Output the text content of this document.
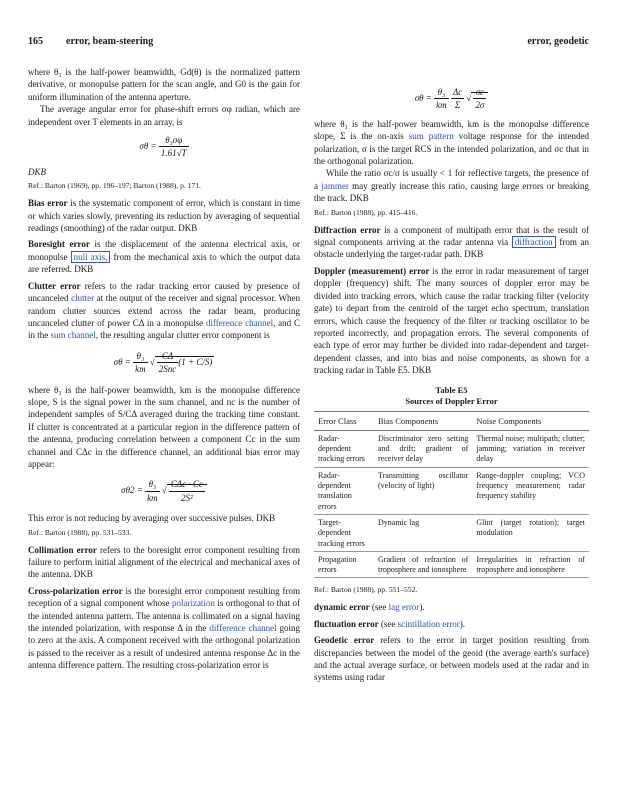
165 error, beam-steering	error, geodetic

where θ₃ is the half-power beamwidth, Gd(θ) is the normalized pattern derivative, or monopulse pattern for the scan angle, and G0 is the gain for uniform illumination of the antenna aperture.

The average angular error for phase-shift errors σφ radian, which are independent over T elements in an array, is

$\sigma\theta = \frac{\text{θ₃σφ}}{1.61√T}$

DKB

Ref.: Barton (1969), pp. 196–197; Barton (1988), p. 171.

Bias error is the systematic component of error, which is constant in time or which varies slowly, preventing its reduction by averaging of sequential readings (smoothing) of the radar output. DKB

Boresight error is the displacement of the antenna electrical axis, or monopulse null axis, from the mechanical axis to which the output data are referred. DKB

Clutter error refers to the radar tracking error caused by presence of uncanceled clutter at the output of the receiver and signal processor. When random clutter sources extend across the radar beam, producing uncanceled clutter of power CΔ in a monopulse difference channel, and C in the sum channel, the resulting angular clutter error component is

$\sigma\theta = \frac{\text{θ₃}}{km}$ √ $\frac{C\Delta}{\text{2Snc}} (1 + C/S)$

where θ₃ is the half-power beamwidth, km is the monopulse difference slope, S is the signal power in the sum channel, and nc is the number of independent samples of S/CΔ averaged during the tracking time constant. If clutter is concentrated at a particular region in the difference pattern of the antenna, producing correlation between a component Cc in the sum channel and CΔc in the difference channel, an additional bias error may appear:

$\sigma\theta 2 = \frac{\text{θ₃}}{km}$ √ $\frac{\text{CΔc · Cc}}{\text{2S²}}$

This error is not reducing by averaging over successive pulses. DKB

Ref.: Barton (1988), pp. 531–533.

Collimation error refers to the boresight error component resulting from failure to perform initial alignment of the electrical and mechanical axes of the antenna. DKB

Cross-polarization error is the boresight error component resulting from reception of a signal component whose polarization is orthogonal to that of the intended antenna pattern. The antenna is collimated on a signal having the intended polarization, with response Δ in the difference channel going to zero at the axis. A component received with the orthogonal polarization is passed to the receiver as a result of undesired antenna response Δc in the antenna difference pattern. The resulting cross-polarization error is

$\sigma\theta = \frac{\text{θ₃}}{km}$
$\frac{\Delta c}{\Sigma}$ √ $\frac{\sigma c}{2\sigma}$

where θ₃ is the half-power beamwidth, km is the monopulse difference slope, Σ is the on-axis sum pattern voltage response for the intended polarization, σ is the target RCS in the intended polarization, and σc that in the orthogonal polarization.

While the ratio σc/σ is usually < 1 for reflective targets, the presence of a jammer may greatly increase this ratio, causing large errors or breaking the track. DKB

Ref.: Barton (1988), pp. 415–416.

Diffraction error is a component of multipath error that is the result of signal components arriving at the radar antenna via diffraction from an obstacle underlying the target-radar path. DKB

Doppler (measurement) error is the error in radar measurement of target doppler (frequency) shift. The many sources of doppler error may be divided into tracking errors, which cause the radar tracking filter (velocity gate) to depart from the centroid of the target echo spectrum, translation errors, which cause the frequency of the filter or tracking oscillator to be reported incorrectly, and propagation errors. The several components of each type of error may further be divided into radar-dependent and target-dependent classes, and into bias and noise components, as shown for a tracking radar in Table E5. DKB

Table E5
Sources of Doppler Error
Error Class	Bias Components	Noise Components
Radar-dependent tracking errors	Discriminator zero setting and drift; gradient of receiver delay	Thermal noise; multipath; clutter; jamming; variation in receiver delay
Radar-dependent translation errors	Transmitting oscillator (velocity of light)	Range-doppler coupling; VCO frequency measurement; radar frequency stability
Target-dependent tracking errors	Dynamic lag	Glint (target rotation); target modulation
Propagation errors	Gradient of refraction of troposphere and ionosphere	Irregularities in refraction of troposphere and ionosphere

Ref.: Barton (1988), pp. 551–552.

dynamic error (see lag error).

fluctuation error (see scintillation error).

Geodetic error refers to the error in target position resulting from discrepancies between the model of the geoid (the average earth's surface) and the actual average surface, or between models used at the radar and in systems using radar
